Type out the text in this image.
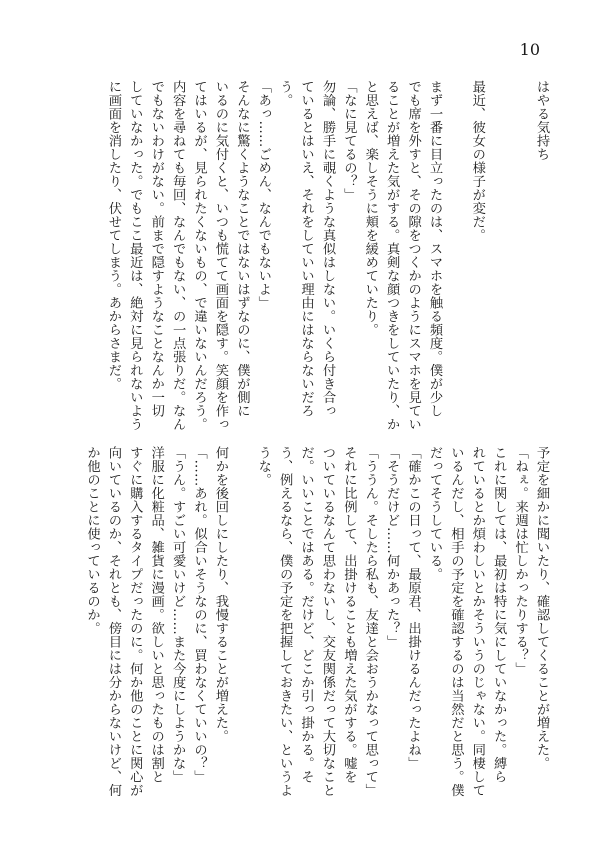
10
はやる気持ち
最近、彼女の様子が変だ。
まず一番に目立ったのは、スマホを触る頻度。僕が少し
でも席を外すと、その隙をつくかのようにスマホを見てい
ることが増えた気がする。真剣な顔つきをしていたり、か
と思えば、楽しそうに頬を緩めていたり。
「なに見てるの？」
勿論、勝手に覗くような真似はしない。いくら付き合っ
ているとはいえ、それをしていい理由にはならないだろ
う。
「あっ……ごめん、なんでもないよ」
そんなに驚くようなことではないはずなのに、僕が側に
いるのに気付くと、いつも慌てて画面を隠す。笑顔を作っ
てはいるが、見られたくないもの、で違いないんだろう。
内容を尋ねても毎回、なんでもない、の一点張りだ。なん
でもないわけがない。前まで隠すようなことなんか一切
していなかった。でもここ最近は、絶対に見られないよう
に画面を消したり、伏せてしまう。あからさまだ。
予定を細かに聞いたり、確認してくることが増えた。
「ねぇ。来週は忙しかったりする？」
これに関しては、最初は特に気にしていなかった。縛ら
れているとか煩わしいとかそういうのじゃない。同棲して
いるんだし、相手の予定を確認するのは当然だと思う。僕
だってそうしている。
「確かこの日って、最原君、出掛けるんだったよね」
「そうだけど……何かあった？」
「ううん。そしたら私も、友達と会おうかなって思って」
それに比例して、出掛けることも増えた気がする。嘘を
ついているなんて思わないし、交友関係だって大切なこと
だ。いいことではある。だけど、どこか引っ掛かる。そ
う、例えるなら、僕の予定を把握しておきたい、というよ
うな。
何かを後回しにしたり、我慢することが増えた。
「……あれ。似合いそうなのに、買わなくていいの？」
「うん。すごい可愛いけど……また今度にしようかな」
洋服に化粧品、雑貨に漫画。欲しいと思ったものは割と
すぐに購入するタイプだったのに。何か他のことに関心が
向いているのか、それとも、傍目には分からないけど、何
か他のことに使っているのか。
